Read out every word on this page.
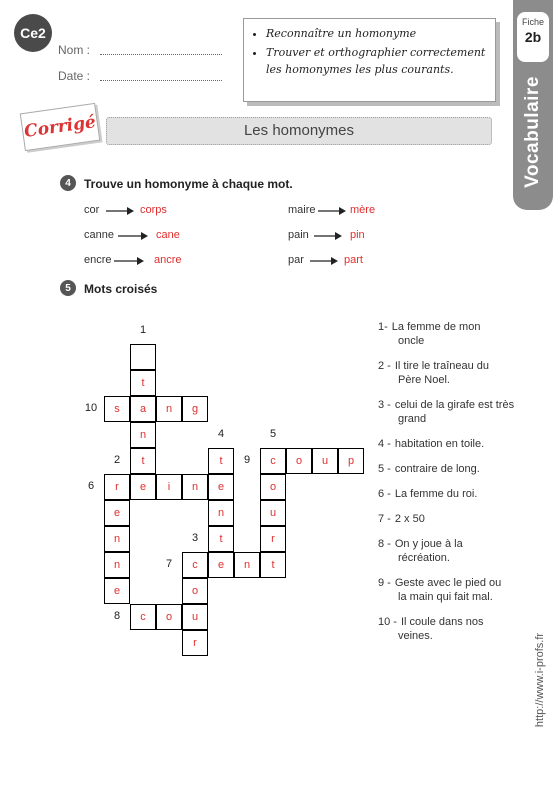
Ce2
Nom :
Date :
• Reconnaître un homonyme
• Trouver et orthographier correctement les homonymes les plus courants.
Fiche
2b
Vocabulaire
Corrigé	Les homonymes
4	Trouve un homonyme à chaque mot.
cor	corps
canne	cane
encre	ancre
maire	mère
pain	pin
par	part
5	Mots croisés
t
s	a	n	g
n
t
r	e	i	n	e
e
n
n
e
t
n
t
c	e	n	t
o
c	o	u
r
c	o	u	p
o
u
r
1
10
4	5
2	9
6
3
7
8
1- La femme de mon
oncle
2 - Il tire le traîneau du
Père Noel.
3 - celui de la girafe est très
grand
4 - habitation en toile.
5 - contraire de long.
6 - La femme du roi.
7 - 2 x 50
8 - On y joue à la
récréation.
9 - Geste avec le pied ou
la main qui fait mal.
10 - Il coule dans nos
veines.	http://www.i-profs.fr
